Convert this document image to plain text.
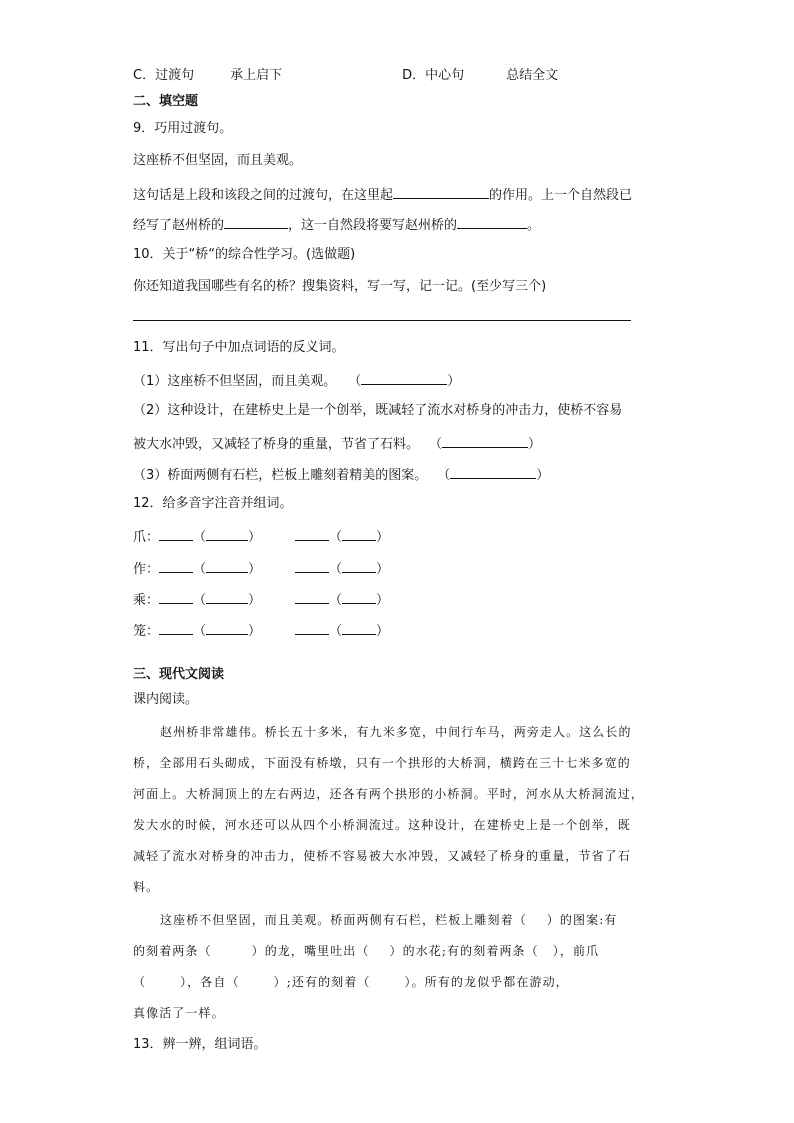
C．过渡句	承上启下	D．中心句	总结全文
二、填空题
9．巧用过渡句。
这座桥不但坚固，而且美观。
这句话是上段和该段之间的过渡句，在这里起	的作用。上一个自然段已
经写了赵州桥的	，这一自然段将要写赵州桥的	。
10．关于“桥“的综合性学习。(选做题)
你还知道我国哪些有名的桥？搜集资料，写一写，记一记。(至少写三个)
11．写出句子中加点词语的反义词。
（1）这座桥不但坚固，而且美观。 （	）
（2）这种设计，在建桥史上是一个创举，既减轻了流水对桥身的冲击力，使桥不容易
被大水冲毁，又减轻了桥身的重量，节省了石料。 （	）
（3）桥面两侧有石栏，栏板上雕刻着精美的图案。 （	）
12．给多音字注音并组词。
爪：	（	）	（	）
作：	（	）	（	）
乘：	（	）	（	）
笼：	（	）	（	）
三、现代文阅读
课内阅读。
赵州桥非常雄伟。桥长五十多米，有九米多宽，中间行车马，两旁走人。这么长的
桥，全部用石头砌成，下面没有桥墩，只有一个拱形的大桥洞，横跨在三十七米多宽的
河面上。大桥洞顶上的左右两边，还各有两个拱形的小桥洞。平时，河水从大桥洞流过，
发大水的时候，河水还可以从四个小桥洞流过。这种设计，在建桥史上是一个创举，既
减轻了流水对桥身的冲击力，使桥不容易被大水冲毁，又减轻了桥身的重量，节省了石
料。
这座桥不但坚固，而且美观。桥面两侧有石栏，栏板上雕刻着（ ）的图案:有
的刻着两条（	）的龙，嘴里吐出（ ）的水花;有的刻着两条（ ），前爪
（	），各自（	）;还有的刻着（	）。所有的龙似乎都在游动，
真像活了一样。
13．辨一辨，组词语。
